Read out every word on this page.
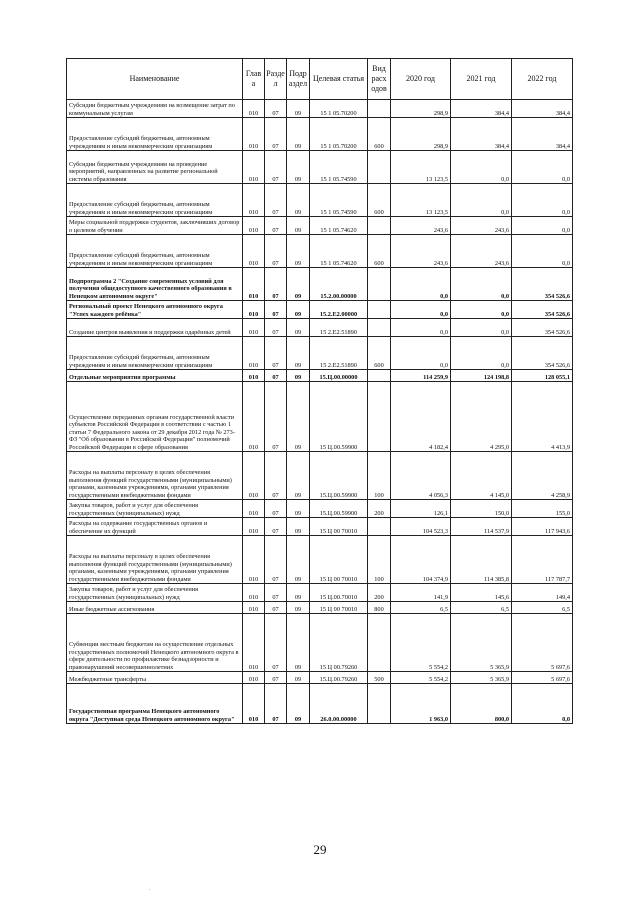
Наименование	Глав а	Разде л	Подр аздел	Целевая статья	Вид расх одов	2020 год	2021 год	2022 год
Субсидии бюджетным учреждениям на возмещение затрат по коммунальным услугам	010	07	09	15 1 05.70200		298,9	384,4	384,4
Предоставление субсидий бюджетным, автономным учреждениям и иным некоммерческим организациям	010	07	09	15 1 05.70200	600	298,9	384,4	384,4
Субсидии бюджетным учреждениям на проведение мероприятий, направленных на развитие региональной системы образования	010	07	09	15 1 05.74590		13 123,5	0,0	0,0
Предоставление субсидий бюджетным, автономным учреждениям и иным некоммерческим организациям	010	07	09	15 1 05.74590	600	13 123,5	0,0	0,0
Меры социальной поддержки студентов, заключивших договор о целевом обучении	010	07	09	15 1 05.74620		243,6	243,6	0,0
Предоставление субсидий бюджетным, автономным учреждениям и иным некоммерческим организациям	010	07	09	15 1 05.74620	600	243,6	243,6	0,0
Подпрограмма 2 "Создание современных условий для получения общедоступного качественного образования в Ненецком автономном округе"	010	07	09	15.2.00.00000		0,0	0,0	354 526,6
Региональный проект Ненецкого автономного округа "Успех каждого ребёнка"	010	07	09	15.2.Е2.00000		0,0	0,0	354 526,6
Создание центров выявления и поддержки одарённых детей	010	07	09	15 2.Е2.51890		0,0	0,0	354 526,6
Предоставление субсидий бюджетным, автономным учреждениям и иным некоммерческим организациям	010	07	09	15 2.Е2.51890	600	0,0	0,0	354 526,6
Отдельные мероприятия программы	010	07	09	15.Ц.00.00000		114 259,9	124 198,8	128 055,1
Осуществление переданных органам государственной власти субъектов Российской Федерации в соответствии с частью 1 статьи 7 Федерального закона от 29 декабря 2012 года № 273-ФЗ "Об образовании в Российской Федерации" полномочий Российской Федерации в сфере образования	010	07	09	15 Ц.00.59900		4 182,4	4 295,0	4 413,9
Расходы на выплаты персоналу в целях обеспечения выполнения функций государственными (муниципальными) органами, казенными учреждениями, органами управления государственными внебюджетными фондами	010	07	09	15.Ц.00.59900	100	4 056,3	4 145,0	4 258,9
Закупка товаров, работ и услуг для обеспечения государственных (муниципальных) нужд	010	07	09	15.Ц.00.59900	200	126,1	150,0	155,0
Расходы на содержание государственных органов и обеспечение их функций	010	07	09	15 Ц 00 70010		104 523,3	114 537,9	117 943,6
Расходы на выплаты персоналу в целях обеспечения выполнения функций государственными (муниципальными) органами, казенными учреждениями, органами управления государственными внебюджетными фондами	010	07	09	15 Ц 00 70010	100	104 374,9	114 385,8	117 787,7
Закупка товаров, работ и услуг для обеспечения государственных (муниципальных) нужд	010	07	09	15 Ц.00.70010	200	141,9	145,6	149,4
Иные бюджетные ассигнования	010	07	09	15 Ц 00 70010	800	6,5	6,5	6,5
Субвенции местным бюджетам на осуществление отдельных государственных полномочий Ненецкого автономного округа в сфере деятельности по профилактике безнадзорности и правонарушений несовершеннолетних	010	07	09	15 Ц 00.79260		5 554,2	5 365,9	5 697,6
Межбюджетные трансферты	010	07	09	15.Ц.00.79260	500	5 554,2	5 365,9	5 697,6
Государственная программа Ненецкого автономного округа "Доступная среда Ненецкого автономного округа"	010	07	09	26.0.00.00000		1 963,0	800,0	0,0
29
.
